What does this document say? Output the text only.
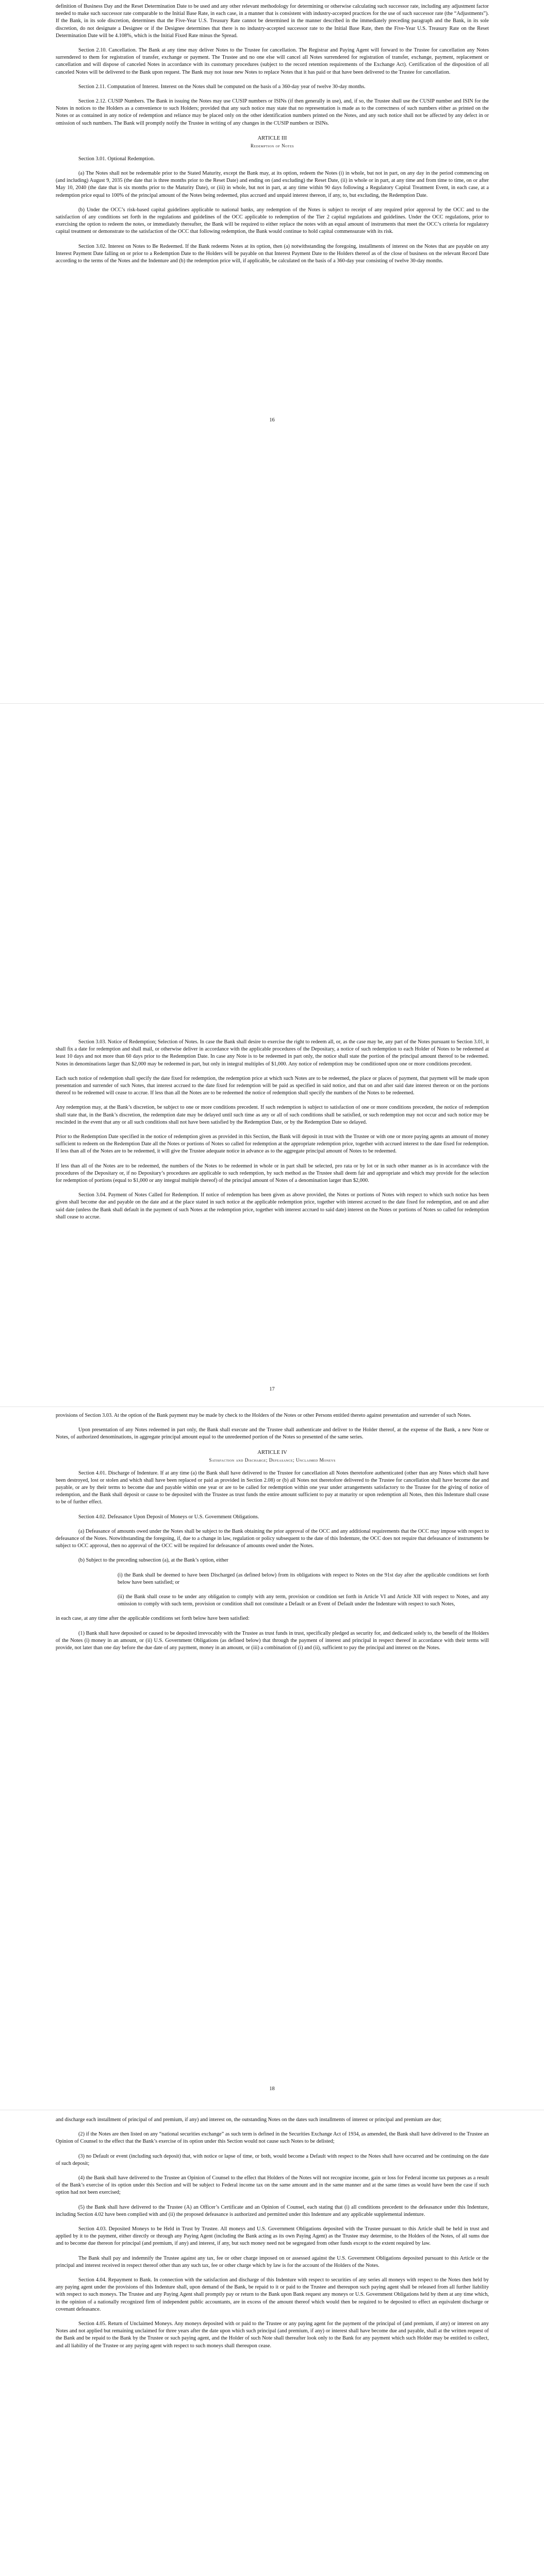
definition of Business Day and the Reset Determination Date to be used and any other relevant methodology for determining or otherwise calculating such successor rate, including any adjustment factor needed to make such successor rate comparable to the Initial Base Rate, in each case, in a manner that is consistent with industry-accepted practices for the use of such successor rate (the “Adjustments”). If the Bank, in its sole discretion, determines that the Five-Year U.S. Treasury Rate cannot be determined in the manner described in the immediately preceding paragraph and the Bank, in its sole discretion, do not designate a Designee or if the Designee determines that there is no industry-accepted successor rate to the Initial Base Rate, then the Five-Year U.S. Treasury Rate on the Reset Determination Date will be 4.108%, which is the Initial Fixed Rate minus the Spread.

Section 2.10. Cancellation. The Bank at any time may deliver Notes to the Trustee for cancellation. The Registrar and Paying Agent will forward to the Trustee for cancellation any Notes surrendered to them for registration of transfer, exchange or payment. The Trustee and no one else will cancel all Notes surrendered for registration of transfer, exchange, payment, replacement or cancellation and will dispose of canceled Notes in accordance with its customary procedures (subject to the record retention requirements of the Exchange Act). Certification of the disposition of all canceled Notes will be delivered to the Bank upon request. The Bank may not issue new Notes to replace Notes that it has paid or that have been delivered to the Trustee for cancellation.

Section 2.11. Computation of Interest. Interest on the Notes shall be computed on the basis of a 360-day year of twelve 30-day months.

Section 2.12. CUSIP Numbers. The Bank in issuing the Notes may use CUSIP numbers or ISINs (if then generally in use), and, if so, the Trustee shall use the CUSIP number and ISIN for the Notes in notices to the Holders as a convenience to such Holders; provided that any such notice may state that no representation is made as to the correctness of such numbers either as printed on the Notes or as contained in any notice of redemption and reliance may be placed only on the other identification numbers printed on the Notes, and any such notice shall not be affected by any defect in or omission of such numbers. The Bank will promptly notify the Trustee in writing of any changes in the CUSIP numbers or ISINs.

ARTICLE III

Redemption of Notes

Section 3.01. Optional Redemption.

(a) The Notes shall not be redeemable prior to the Stated Maturity, except the Bank may, at its option, redeem the Notes (i) in whole, but not in part, on any day in the period commencing on (and including) August 9, 2035 (the date that is three months prior to the Reset Date) and ending on (and excluding) the Reset Date, (ii) in whole or in part, at any time and from time to time, on or after May 10, 2040 (the date that is six months prior to the Maturity Date), or (iii) in whole, but not in part, at any time within 90 days following a Regulatory Capital Treatment Event, in each case, at a redemption price equal to 100% of the principal amount of the Notes being redeemed, plus accrued and unpaid interest thereon, if any, to, but excluding, the Redemption Date.

(b) Under the OCC’s risk-based capital guidelines applicable to national banks, any redemption of the Notes is subject to receipt of any required prior approval by the OCC and to the satisfaction of any conditions set forth in the regulations and guidelines of the OCC applicable to redemption of the Tier 2 capital regulations and guidelines. Under the OCC regulations, prior to exercising the option to redeem the notes, or immediately thereafter, the Bank will be required to either replace the notes with an equal amount of instruments that meet the OCC’s criteria for regulatory capital treatment or demonstrate to the satisfaction of the OCC that following redemption, the Bank would continue to hold capital commensurate with its risk.

Section 3.02. Interest on Notes to Be Redeemed. If the Bank redeems Notes at its option, then (a) notwithstanding the foregoing, installments of interest on the Notes that are payable on any Interest Payment Date falling on or prior to a Redemption Date to the Holders will be payable on that Interest Payment Date to the Holders thereof as of the close of business on the relevant Record Date according to the terms of the Notes and the Indenture and (b) the redemption price will, if applicable, be calculated on the basis of a 360-day year consisting of twelve 30-day months.

16

Section 3.03. Notice of Redemption; Selection of Notes. In case the Bank shall desire to exercise the right to redeem all, or, as the case may be, any part of the Notes pursuant to Section 3.01, it shall fix a date for redemption and shall mail, or otherwise deliver in accordance with the applicable procedures of the Depositary, a notice of such redemption to each Holder of Notes to be redeemed at least 10 days and not more than 60 days prior to the Redemption Date. In case any Note is to be redeemed in part only, the notice shall state the portion of the principal amount thereof to be redeemed. Notes in denominations larger than $2,000 may be redeemed in part, but only in integral multiples of $1,000. Any notice of redemption may be conditioned upon one or more conditions precedent.

Each such notice of redemption shall specify the date fixed for redemption, the redemption price at which such Notes are to be redeemed, the place or places of payment, that payment will be made upon presentation and surrender of such Notes, that interest accrued to the date fixed for redemption will be paid as specified in said notice, and that on and after said date interest thereon or on the portions thereof to be redeemed will cease to accrue. If less than all the Notes are to be redeemed the notice of redemption shall specify the numbers of the Notes to be redeemed.

Any redemption may, at the Bank’s discretion, be subject to one or more conditions precedent. If such redemption is subject to satisfaction of one or more conditions precedent, the notice of redemption shall state that, in the Bank’s discretion, the redemption date may be delayed until such time as any or all of such conditions shall be satisfied, or such redemption may not occur and such notice may be rescinded in the event that any or all such conditions shall not have been satisfied by the Redemption Date, or by the Redemption Date so delayed.

Prior to the Redemption Date specified in the notice of redemption given as provided in this Section, the Bank will deposit in trust with the Trustee or with one or more paying agents an amount of money sufficient to redeem on the Redemption Date all the Notes or portions of Notes so called for redemption at the appropriate redemption price, together with accrued interest to the date fixed for redemption. If less than all of the Notes are to be redeemed, it will give the Trustee adequate notice in advance as to the aggregate principal amount of Notes to be redeemed.

If less than all of the Notes are to be redeemed, the numbers of the Notes to be redeemed in whole or in part shall be selected, pro rata or by lot or in such other manner as is in accordance with the procedures of the Depositary or, if no Depositary’s procedures are applicable to such redemption, by such method as the Trustee shall deem fair and appropriate and which may provide for the selection for redemption of portions (equal to $1,000 or any integral multiple thereof) of the principal amount of Notes of a denomination larger than $2,000.

Section 3.04. Payment of Notes Called for Redemption. If notice of redemption has been given as above provided, the Notes or portions of Notes with respect to which such notice has been given shall become due and payable on the date and at the place stated in such notice at the applicable redemption price, together with interest accrued to the date fixed for redemption, and on and after said date (unless the Bank shall default in the payment of such Notes at the redemption price, together with interest accrued to said date) interest on the Notes or portions of Notes so called for redemption shall cease to accrue.

17

provisions of Section 3.03. At the option of the Bank payment may be made by check to the Holders of the Notes or other Persons entitled thereto against presentation and surrender of such Notes.

Upon presentation of any Notes redeemed in part only, the Bank shall execute and the Trustee shall authenticate and deliver to the Holder thereof, at the expense of the Bank, a new Note or Notes, of authorized denominations, in aggregate principal amount equal to the unredeemed portion of the Notes so presented of the same series.

ARTICLE IV

Satisfaction and Discharge; Defeasance; Unclaimed Moneys

Section 4.01. Discharge of Indenture. If at any time (a) the Bank shall have delivered to the Trustee for cancellation all Notes theretofore authenticated (other than any Notes which shall have been destroyed, lost or stolen and which shall have been replaced or paid as provided in Section 2.08) or (b) all Notes not theretofore delivered to the Trustee for cancellation shall have become due and payable, or are by their terms to become due and payable within one year or are to be called for redemption within one year under arrangements satisfactory to the Trustee for the giving of notice of redemption, and the Bank shall deposit or cause to be deposited with the Trustee as trust funds the entire amount sufficient to pay at maturity or upon redemption all Notes, then this Indenture shall cease to be of further effect.

Section 4.02. Defeasance Upon Deposit of Moneys or U.S. Government Obligations.

(a) Defeasance of amounts owed under the Notes shall be subject to the Bank obtaining the prior approval of the OCC and any additional requirements that the OCC may impose with respect to defeasance of the Notes. Notwithstanding the foregoing, if, due to a change in law, regulation or policy subsequent to the date of this Indenture, the OCC does not require that defeasance of instruments be subject to OCC approval, then no approval of the OCC will be required for defeasance of amounts owed under the Notes.

(b) Subject to the preceding subsection (a), at the Bank’s option, either

(i) the Bank shall be deemed to have been Discharged (as defined below) from its obligations with respect to Notes on the 91st day after the applicable conditions set forth below have been satisfied; or

(ii) the Bank shall cease to be under any obligation to comply with any term, provision or condition set forth in Article VI and Article XII with respect to Notes, and any omission to comply with such term, provision or condition shall not constitute a Default or an Event of Default under the Indenture with respect to such Notes,

in each case, at any time after the applicable conditions set forth below have been satisfied:

(1) Bank shall have deposited or caused to be deposited irrevocably with the Trustee as trust funds in trust, specifically pledged as security for, and dedicated solely to, the benefit of the Holders of the Notes (i) money in an amount, or (ii) U.S. Government Obligations (as defined below) that through the payment of interest and principal in respect thereof in accordance with their terms will provide, not later than one day before the due date of any payment, money in an amount, or (iii) a combination of (i) and (ii), sufficient to pay the principal and interest on the Notes.

18

and discharge each installment of principal of and premium, if any) and interest on, the outstanding Notes on the dates such installments of interest or principal and premium are due;

(2) if the Notes are then listed on any “national securities exchange” as such term is defined in the Securities Exchange Act of 1934, as amended, the Bank shall have delivered to the Trustee an Opinion of Counsel to the effect that the Bank’s exercise of its option under this Section would not cause such Notes to be delisted;

(3) no Default or event (including such deposit) that, with notice or lapse of time, or both, would become a Default with respect to the Notes shall have occurred and be continuing on the date of such deposit;

(4) the Bank shall have delivered to the Trustee an Opinion of Counsel to the effect that Holders of the Notes will not recognize income, gain or loss for Federal income tax purposes as a result of the Bank’s exercise of its option under this Section and will be subject to Federal income tax on the same amount and in the same manner and at the same times as would have been the case if such option had not been exercised;

(5) the Bank shall have delivered to the Trustee (A) an Officer’s Certificate and an Opinion of Counsel, each stating that (i) all conditions precedent to the defeasance under this Indenture, including Section 4.02 have been complied with and (ii) the proposed defeasance is authorized and permitted under this Indenture and any applicable supplemental indenture.

Section 4.03. Deposited Moneys to be Held in Trust by Trustee. All moneys and U.S. Government Obligations deposited with the Trustee pursuant to this Article shall be held in trust and applied by it to the payment, either directly or through any Paying Agent (including the Bank acting as its own Paying Agent) as the Trustee may determine, to the Holders of the Notes, of all sums due and to become due thereon for principal (and premium, if any) and interest, if any, but such money need not be segregated from other funds except to the extent required by law.

The Bank shall pay and indemnify the Trustee against any tax, fee or other charge imposed on or assessed against the U.S. Government Obligations deposited pursuant to this Article or the principal and interest received in respect thereof other than any such tax, fee or other charge which by law is for the account of the Holders of the Notes.

Section 4.04. Repayment to Bank. In connection with the satisfaction and discharge of this Indenture with respect to securities of any series all moneys with respect to the Notes then held by any paying agent under the provisions of this Indenture shall, upon demand of the Bank, be repaid to it or paid to the Trustee and thereupon such paying agent shall be released from all further liability with respect to such moneys. The Trustee and any Paying Agent shall promptly pay or return to the Bank upon Bank request any moneys or U.S. Government Obligations held by them at any time which, in the opinion of a nationally recognized firm of independent public accountants, are in excess of the amount thereof which would then be required to be deposited to effect an equivalent discharge or covenant defeasance.

Section 4.05. Return of Unclaimed Moneys. Any moneys deposited with or paid to the Trustee or any paying agent for the payment of the principal of (and premium, if any) or interest on any Notes and not applied but remaining unclaimed for three years after the date upon which such principal (and premium, if any) or interest shall have become due and payable, shall at the written request of the Bank and be repaid to the Bank by the Trustee or such paying agent, and the Holder of such Note shall thereafter look only to the Bank for any payment which such Holder may be entitled to collect, and all liability of the Trustee or any paying agent with respect to such moneys shall thereupon cease.
